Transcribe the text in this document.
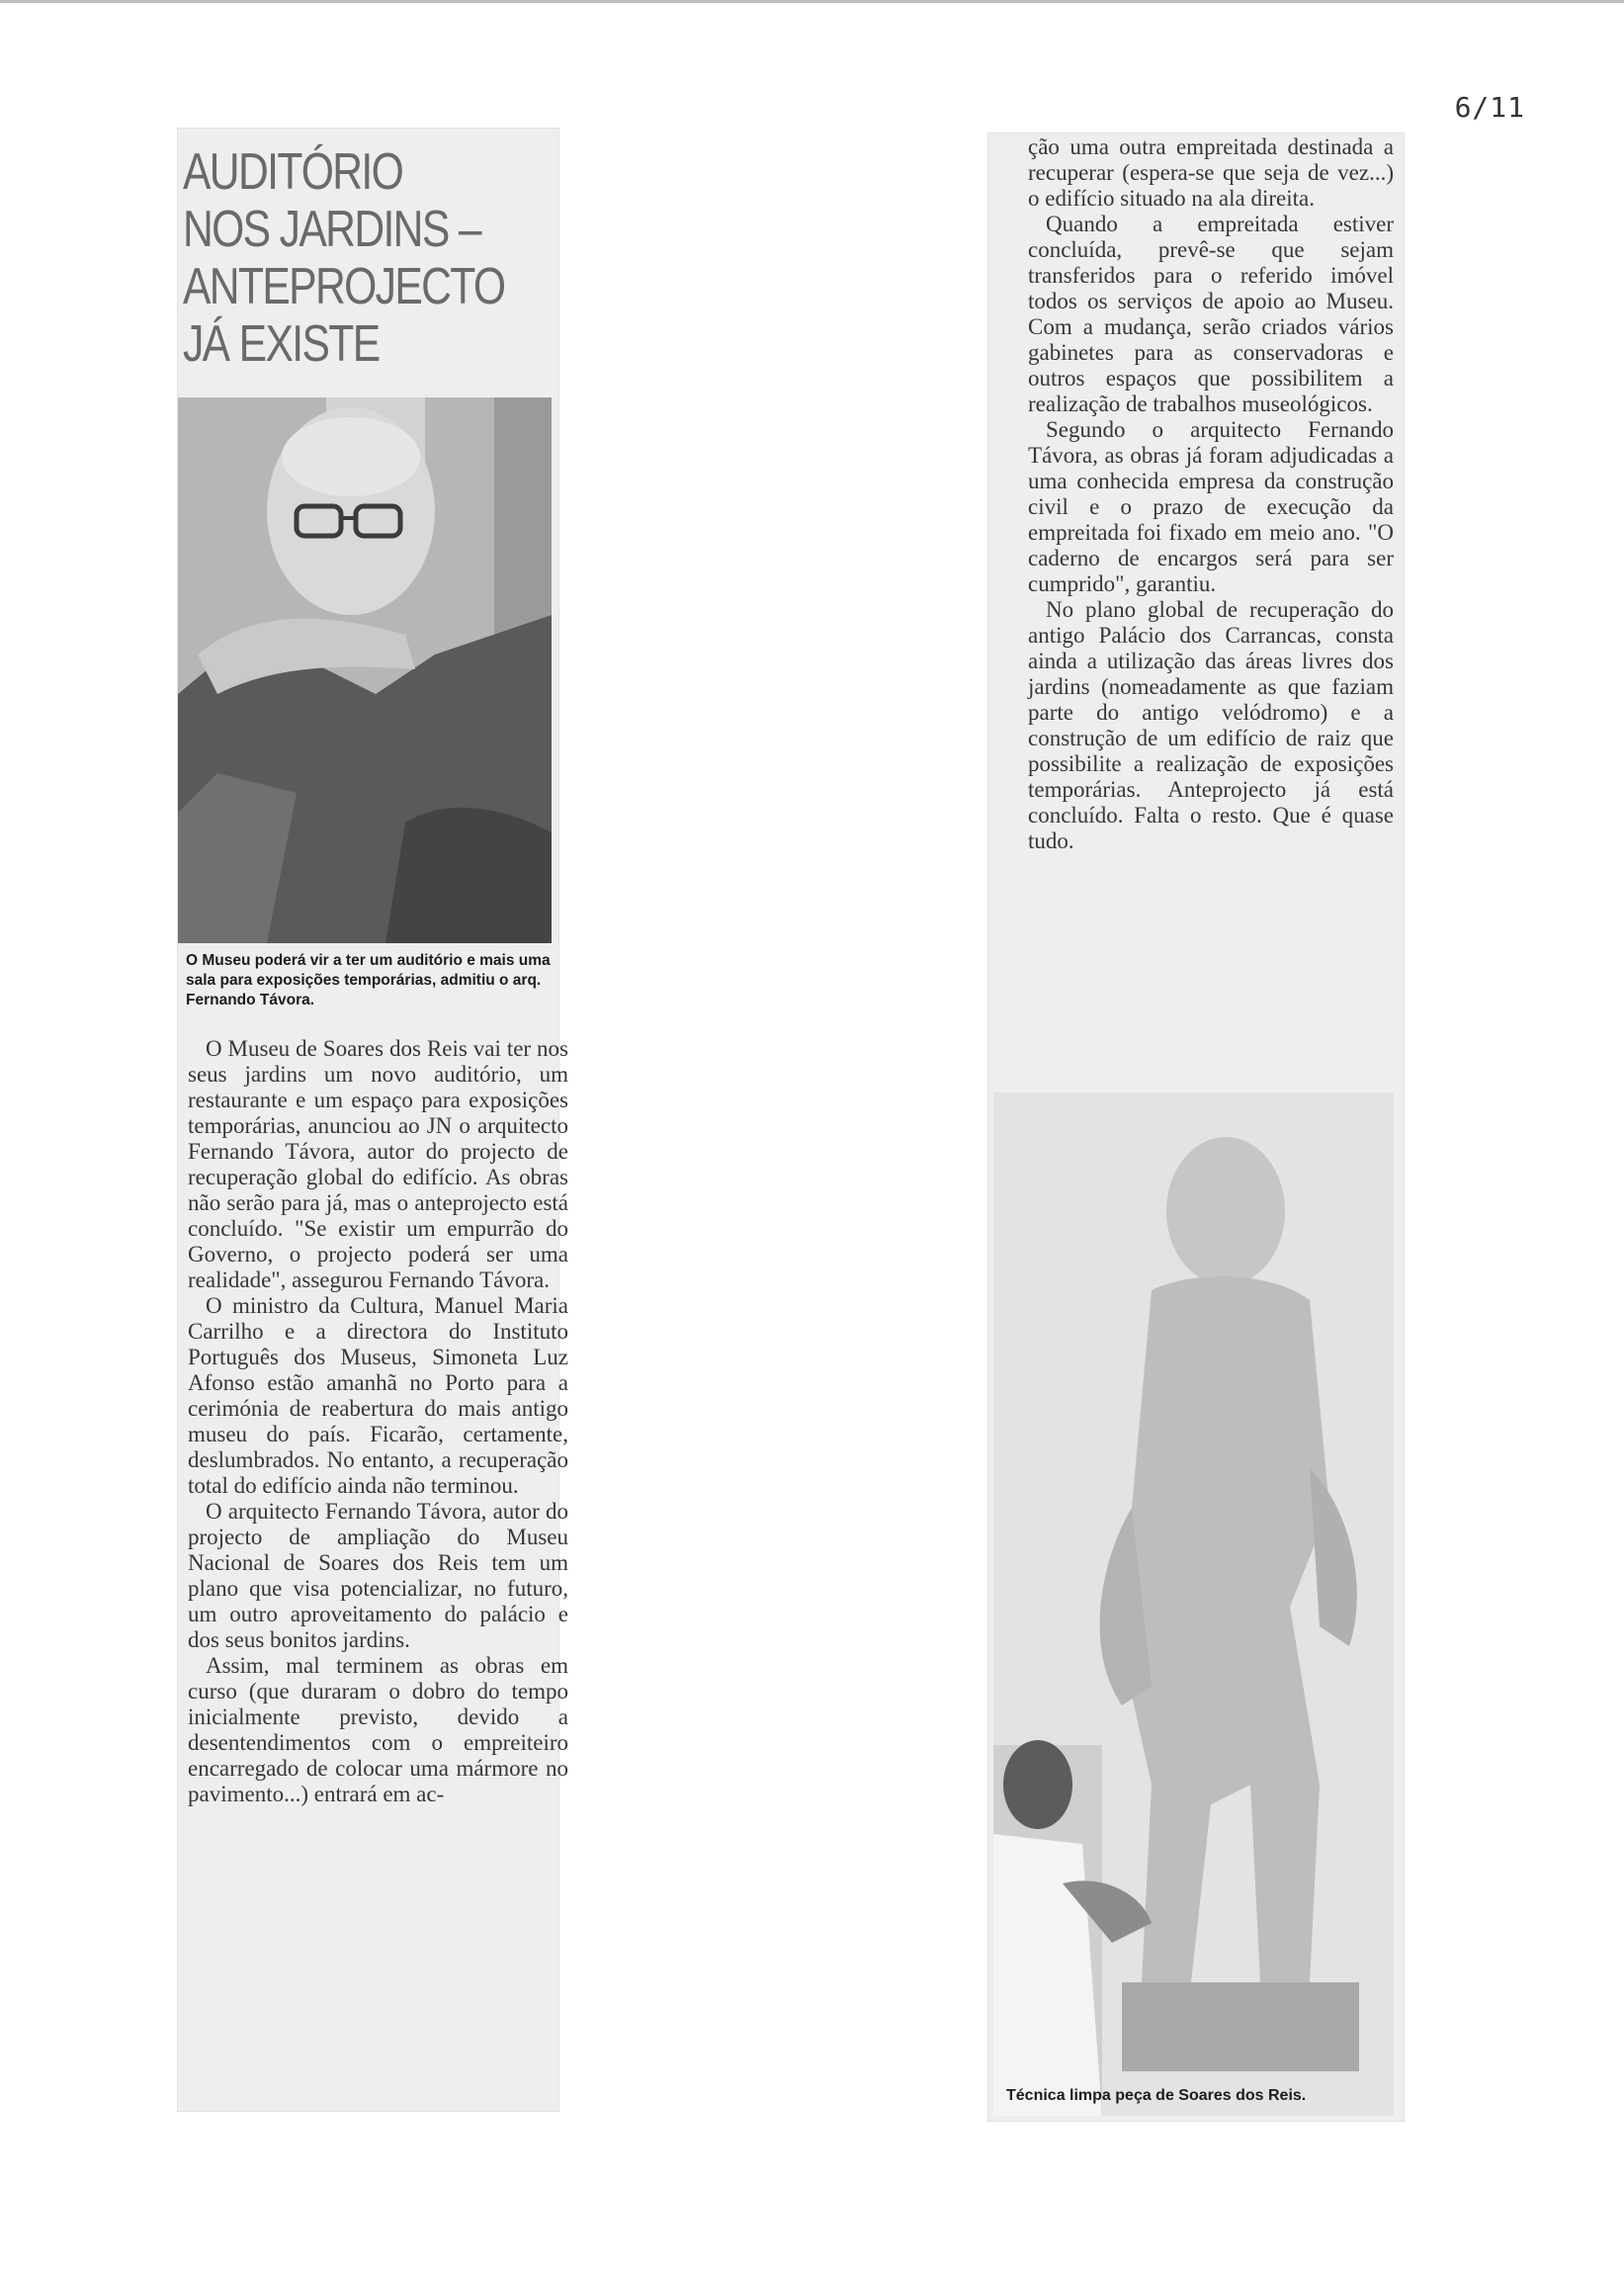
6/11
AUDITÓRIO NOS JARDINS – ANTEPROJECTO JÁ EXISTE

O Museu poderá vir a ter um auditório e mais uma sala para exposições temporárias, admitiu o arq. Fernando Távora.

O Museu de Soares dos Reis vai ter nos seus jardins um novo auditório, um restaurante e um espaço para exposições temporárias, anunciou ao JN o arquitecto Fernando Távora, autor do projecto de recuperação global do edifício. As obras não serão para já, mas o anteprojecto está concluído. "Se existir um empurrão do Governo, o projecto poderá ser uma realidade", assegurou Fernando Távora.

O ministro da Cultura, Manuel Maria Carrilho e a directora do Instituto Português dos Museus, Simoneta Luz Afonso estão amanhã no Porto para a cerimónia de reabertura do mais antigo museu do país. Ficarão, certamente, deslumbrados. No entanto, a recuperação total do edifício ainda não terminou.

O arquitecto Fernando Távora, autor do projecto de ampliação do Museu Nacional de Soares dos Reis tem um plano que visa potencializar, no futuro, um outro aproveitamento do palácio e dos seus bonitos jardins.

Assim, mal terminem as obras em curso (que duraram o dobro do tempo inicialmente previsto, devido a desentendimentos com o empreiteiro encarregado de colocar uma mármore no pavimento...) entrará em ac-

ção uma outra empreitada destinada a recuperar (espera-se que seja de vez...) o edifício situado na ala direita.

Quando a empreitada estiver concluída, prevê-se que sejam transferidos para o referido imóvel todos os serviços de apoio ao Museu. Com a mudança, serão criados vários gabinetes para as conservadoras e outros espaços que possibilitem a realização de trabalhos museológicos.

Segundo o arquitecto Fernando Távora, as obras já foram adjudicadas a uma conhecida empresa da construção civil e o prazo de execução da empreitada foi fixado em meio ano. "O caderno de encargos será para ser cumprido", garantiu.

No plano global de recuperação do antigo Palácio dos Carrancas, consta ainda a utilização das áreas livres dos jardins (nomeadamente as que faziam parte do antigo velódromo) e a construção de um edifício de raiz que possibilite a realização de exposições temporárias. Anteprojecto já está concluído. Falta o resto. Que é quase tudo.

Técnica limpa peça de Soares dos Reis.
